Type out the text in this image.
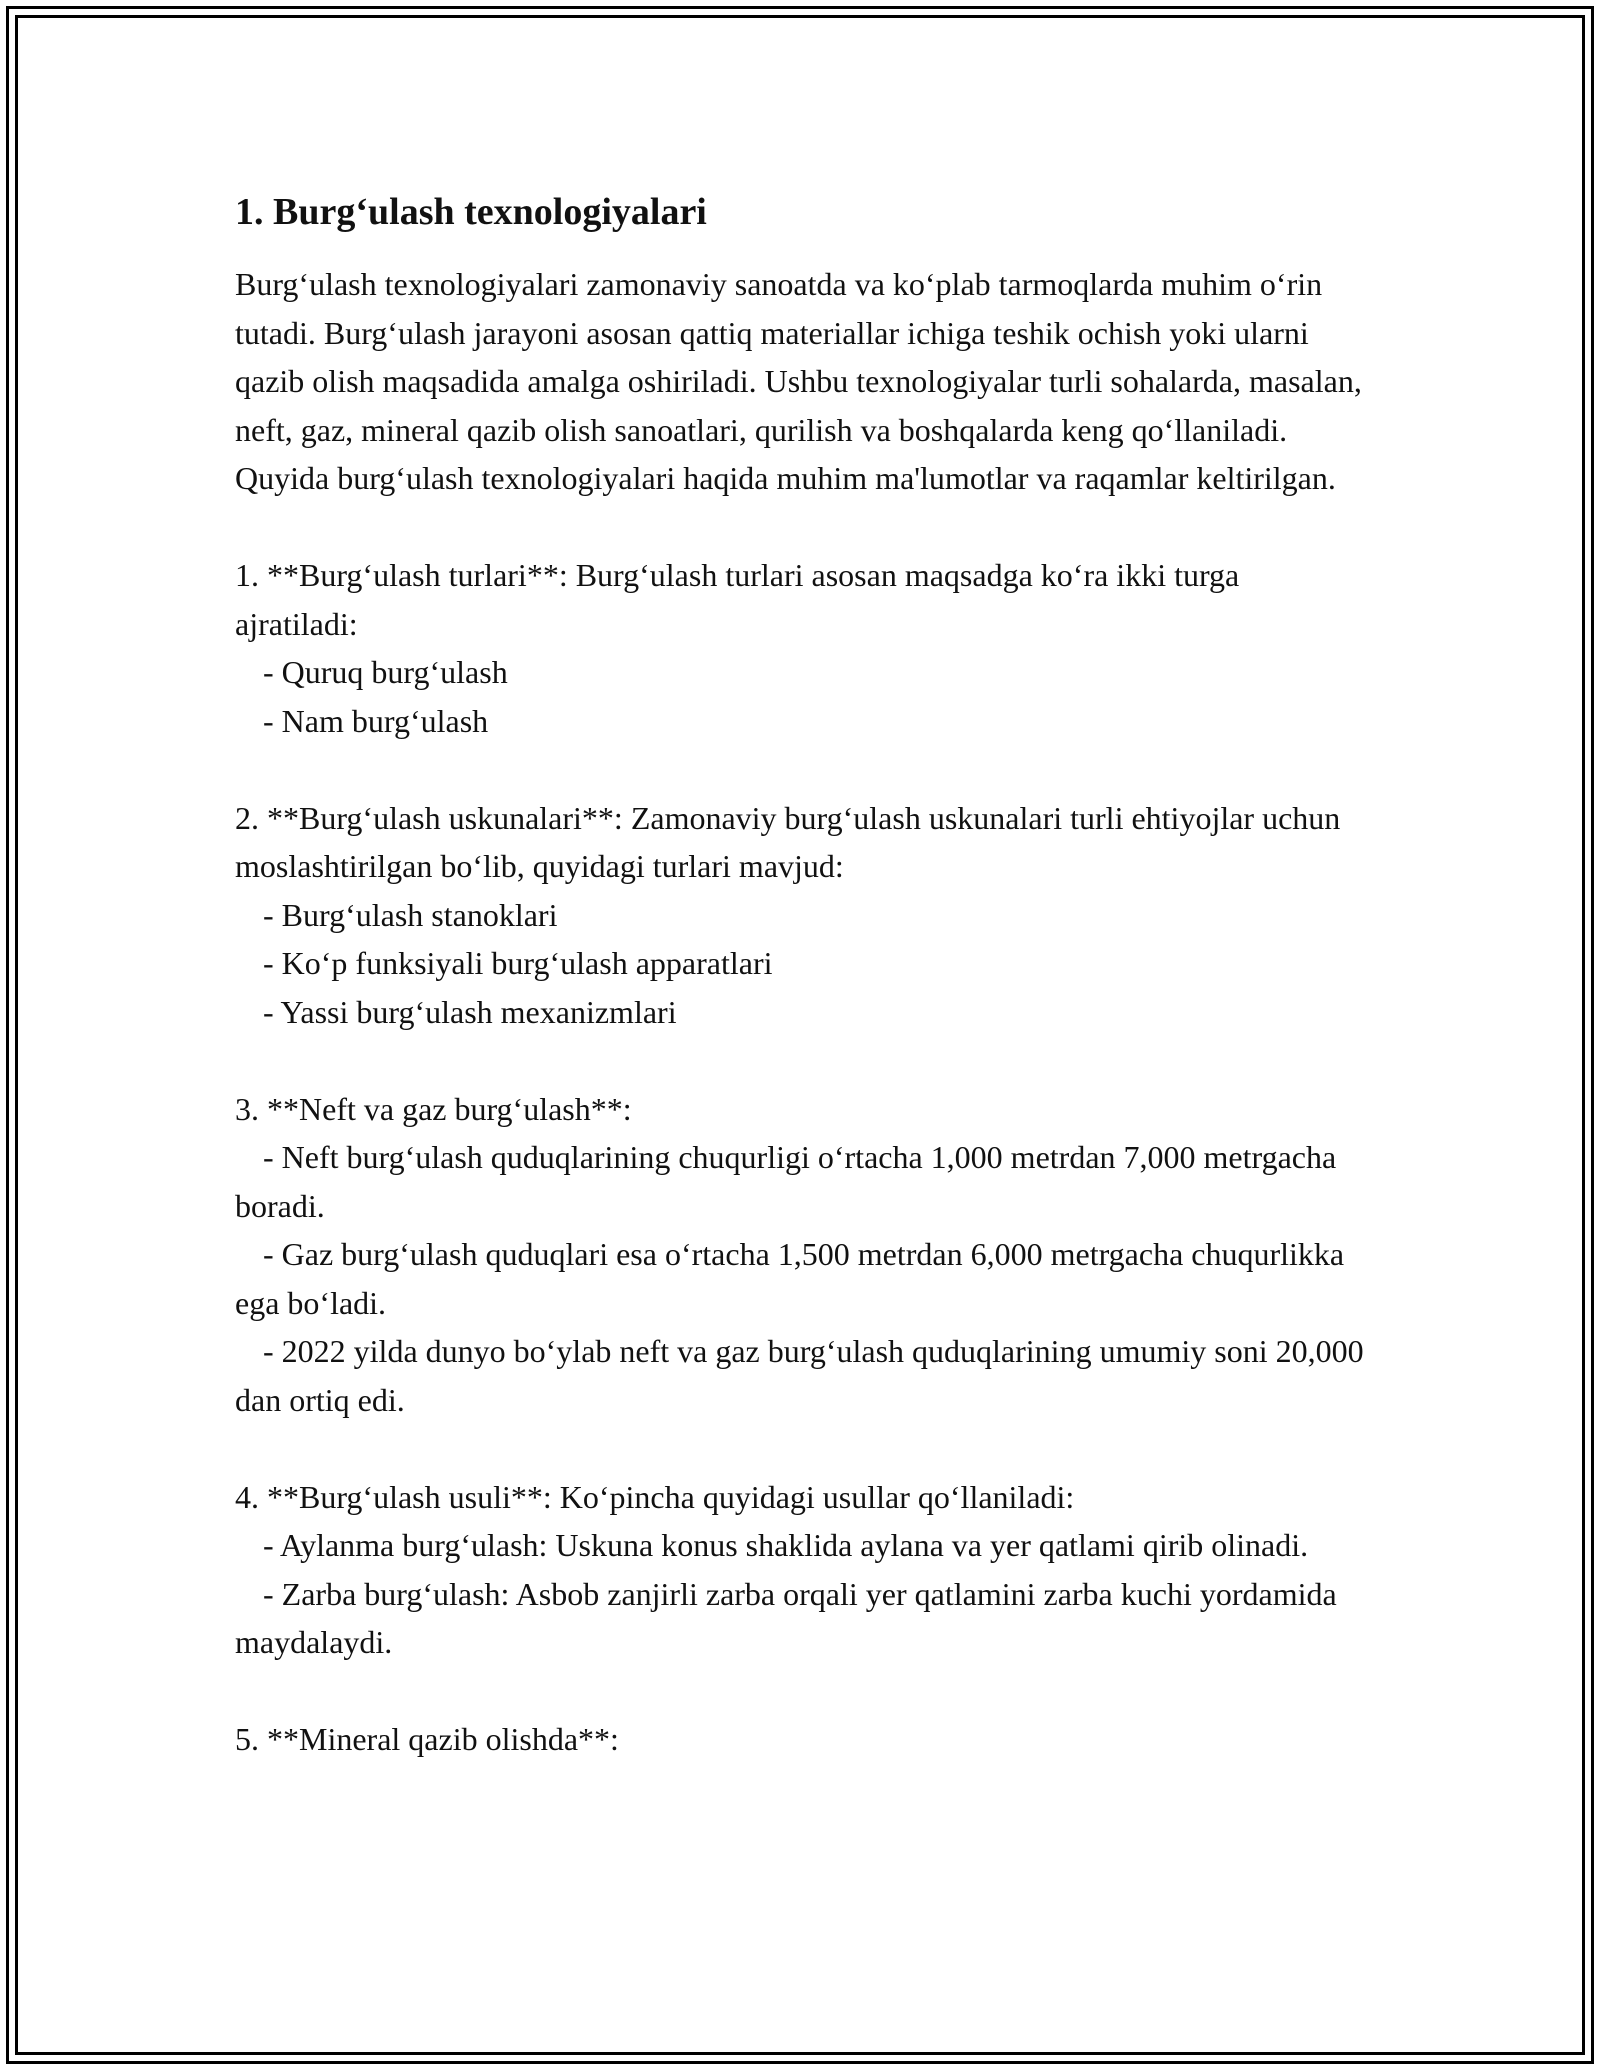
1. Burg‘ulash texnologiyalari

Burg‘ulash texnologiyalari zamonaviy sanoatda va ko‘plab tarmoqlarda muhim o‘rin tutadi. Burg‘ulash jarayoni asosan qattiq materiallar ichiga teshik ochish yoki ularni qazib olish maqsadida amalga oshiriladi. Ushbu texnologiyalar turli sohalarda, masalan, neft, gaz, mineral qazib olish sanoatlari, qurilish va boshqalarda keng qo‘llaniladi. Quyida burg‘ulash texnologiyalari haqida muhim ma'lumotlar va raqamlar keltirilgan.

1. **Burg‘ulash turlari**: Burg‘ulash turlari asosan maqsadga ko‘ra ikki turga ajratiladi:

- Quruq burg‘ulash

- Nam burg‘ulash

2. **Burg‘ulash uskunalari**: Zamonaviy burg‘ulash uskunalari turli ehtiyojlar uchun moslashtirilgan bo‘lib, quyidagi turlari mavjud:

- Burg‘ulash stanoklari

- Ko‘p funksiyali burg‘ulash apparatlari

- Yassi burg‘ulash mexanizmlari

3. **Neft va gaz burg‘ulash**:

- Neft burg‘ulash quduqlarining chuqurligi o‘rtacha 1,000 metrdan 7,000 metrgacha boradi.

- Gaz burg‘ulash quduqlari esa o‘rtacha 1,500 metrdan 6,000 metrgacha chuqurlikka ega bo‘ladi.

- 2022 yilda dunyo bo‘ylab neft va gaz burg‘ulash quduqlarining umumiy soni 20,000 dan ortiq edi.

4. **Burg‘ulash usuli**: Ko‘pincha quyidagi usullar qo‘llaniladi:

- Aylanma burg‘ulash: Uskuna konus shaklida aylana va yer qatlami qirib olinadi.

- Zarba burg‘ulash: Asbob zanjirli zarba orqali yer qatlamini zarba kuchi yordamida maydalaydi.

5. **Mineral qazib olishda**:
